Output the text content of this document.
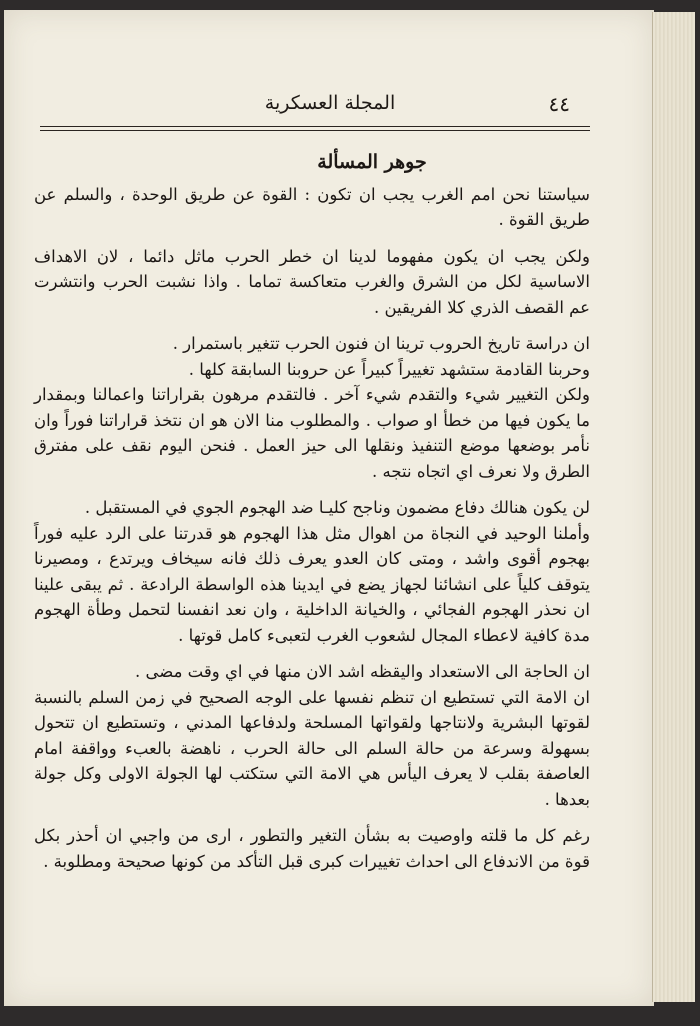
المجلة العسكرية	٤٤
جوهر المسألة

سياستنا نحن امم الغرب يجب ان تكون : القوة عن طريق الوحدة ، والسلم عن طريق القوة .

ولكن يجب ان يكون مفهوما لدينا ان خطر الحرب ماثل دائما ، لان الاهداف الاساسية لكل من الشرق والغرب متعاكسة تماما . واذا نشبت الحرب وانتشرت عم القصف الذري كلا الفريقين .

ان دراسة تاريخ الحروب ترينا ان فنون الحرب تتغير باستمرار .

وحربنا القادمة ستشهد تغييراً كبيراً عن حروبنا السابقة كلها .

ولكن التغيير شيء والتقدم شيء آخر . فالتقدم مرهون بقراراتنا واعمالنا وبمقدار ما يكون فيها من خطأ او صواب . والمطلوب منا الان هو ان نتخذ قراراتنا فوراً وان نأمر بوضعها موضع التنفيذ ونقلها الى حيز العمل . فنحن اليوم نقف على مفترق الطرق ولا نعرف اي اتجاه نتجه .

لن يكون هنالك دفاع مضمون وناجح كليـا ضد الهجوم الجوي في المستقبل .

وأملنا الوحيد في النجاة من اهوال مثل هذا الهجوم هو قدرتنا على الرد عليه فوراً بهجوم أقوى واشد ، ومتى كان العدو يعرف ذلك فانه سيخاف ويرتدع ، ومصيرنا يتوقف كلياً على انشائنا لجهاز يضع في ايدينا هذه الواسطة الرادعة . ثم يبقى علينا ان نحذر الهجوم الفجائي ، والخيانة الداخلية ، وان نعد انفسنا لتحمل وطأة الهجوم مدة كافية لاعطاء المجال لشعوب الغرب لتعبىء كامل قوتها .

ان الحاجة الى الاستعداد واليقظه اشد الان منها في اي وقت مضى .

ان الامة التي تستطيع ان تنظم نفسها على الوجه الصحيح في زمن السلم بالنسبة لقوتها البشرية ولانتاجها ولقواتها المسلحة ولدفاعها المدني ، وتستطيع ان تتحول بسهولة وسرعة من حالة السلم الى حالة الحرب ، ناهضة بالعبء وواقفة امام العاصفة بقلب لا يعرف اليأس هي الامة التي ستكتب لها الجولة الاولى وكل جولة بعدها .

رغم كل ما قلته واوصيت به بشأن التغير والتطور ، ارى من واجبي ان أحذر بكل قوة من الاندفاع الى احداث تغييرات كبرى قبل التأكد من كونها صحيحة ومطلوبة .
